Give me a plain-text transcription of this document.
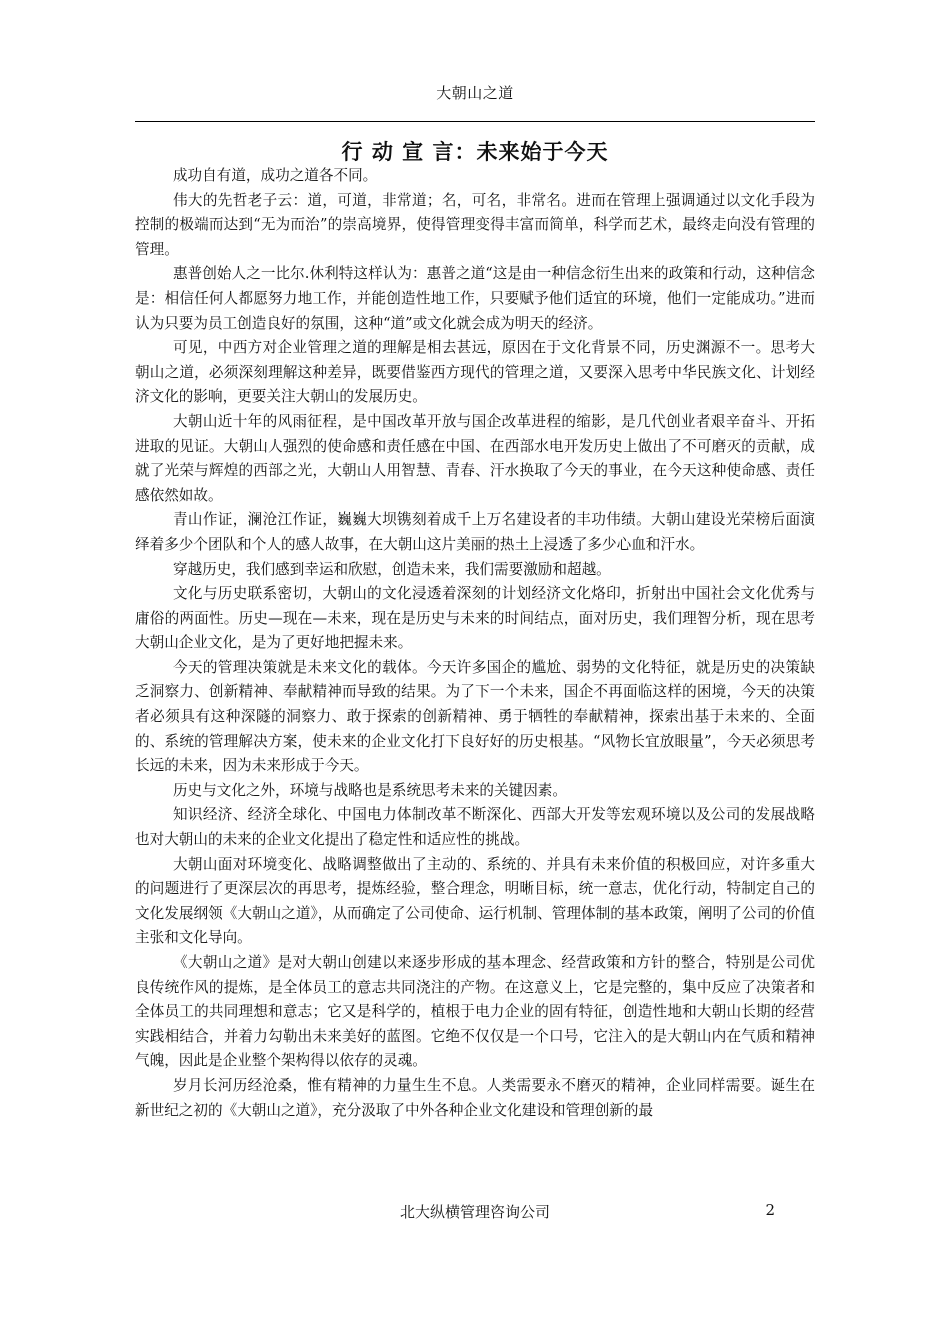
大朝山之道
行 动 宣 言：未来始于今天

成功自有道，成功之道各不同。

伟大的先哲老子云：道，可道，非常道；名，可名，非常名。进而在管理上强调通过以文化手段为控制的极端而达到“无为而治”的崇高境界，使得管理变得丰富而简单，科学而艺术，最终走向没有管理的管理。

惠普创始人之一比尔.休利特这样认为：惠普之道“这是由一种信念衍生出来的政策和行动，这种信念是：相信任何人都愿努力地工作，并能创造性地工作，只要赋予他们适宜的环境，他们一定能成功。”进而认为只要为员工创造良好的氛围，这种“道”或文化就会成为明天的经济。

可见，中西方对企业管理之道的理解是相去甚远，原因在于文化背景不同，历史渊源不一。思考大朝山之道，必须深刻理解这种差异，既要借鉴西方现代的管理之道，又要深入思考中华民族文化、计划经济文化的影响，更要关注大朝山的发展历史。

大朝山近十年的风雨征程，是中国改革开放与国企改革进程的缩影，是几代创业者艰辛奋斗、开拓进取的见证。大朝山人强烈的使命感和责任感在中国、在西部水电开发历史上做出了不可磨灭的贡献，成就了光荣与辉煌的西部之光，大朝山人用智慧、青春、汗水换取了今天的事业，在今天这种使命感、责任感依然如故。

青山作证，澜沧江作证，巍巍大坝镌刻着成千上万名建设者的丰功伟绩。大朝山建设光荣榜后面演绎着多少个团队和个人的感人故事，在大朝山这片美丽的热土上浸透了多少心血和汗水。

穿越历史，我们感到幸运和欣慰，创造未来，我们需要激励和超越。

文化与历史联系密切，大朝山的文化浸透着深刻的计划经济文化烙印，折射出中国社会文化优秀与庸俗的两面性。历史—现在—未来，现在是历史与未来的时间结点，面对历史，我们理智分析，现在思考大朝山企业文化，是为了更好地把握未来。

今天的管理决策就是未来文化的载体。今天许多国企的尴尬、弱势的文化特征，就是历史的决策缺乏洞察力、创新精神、奉献精神而导致的结果。为了下一个未来，国企不再面临这样的困境，今天的决策者必须具有这种深隧的洞察力、敢于探索的创新精神、勇于牺牲的奉献精神，探索出基于未来的、全面的、系统的管理解决方案，使未来的企业文化打下良好好的历史根基。“风物长宜放眼量”，今天必须思考长远的未来，因为未来形成于今天。

历史与文化之外，环境与战略也是系统思考未来的关键因素。

知识经济、经济全球化、中国电力体制改革不断深化、西部大开发等宏观环境以及公司的发展战略也对大朝山的未来的企业文化提出了稳定性和适应性的挑战。

大朝山面对环境变化、战略调整做出了主动的、系统的、并具有未来价值的积极回应，对许多重大的问题进行了更深层次的再思考，提炼经验，整合理念，明晰目标，统一意志，优化行动，特制定自己的文化发展纲领《大朝山之道》，从而确定了公司使命、运行机制、管理体制的基本政策，阐明了公司的价值主张和文化导向。

《大朝山之道》是对大朝山创建以来逐步形成的基本理念、经营政策和方针的整合，特别是公司优良传统作风的提炼，是全体员工的意志共同浇注的产物。在这意义上，它是完整的，集中反应了决策者和全体员工的共同理想和意志；它又是科学的，植根于电力企业的固有特征，创造性地和大朝山长期的经营实践相结合，并着力勾勒出未来美好的蓝图。它绝不仅仅是一个口号，它注入的是大朝山内在气质和精神气魄，因此是企业整个架构得以依存的灵魂。

岁月长河历经沧桑，惟有精神的力量生生不息。人类需要永不磨灭的精神，企业同样需要。诞生在新世纪之初的《大朝山之道》，充分汲取了中外各种企业文化建设和管理创新的最

北大纵横管理咨询公司	2
